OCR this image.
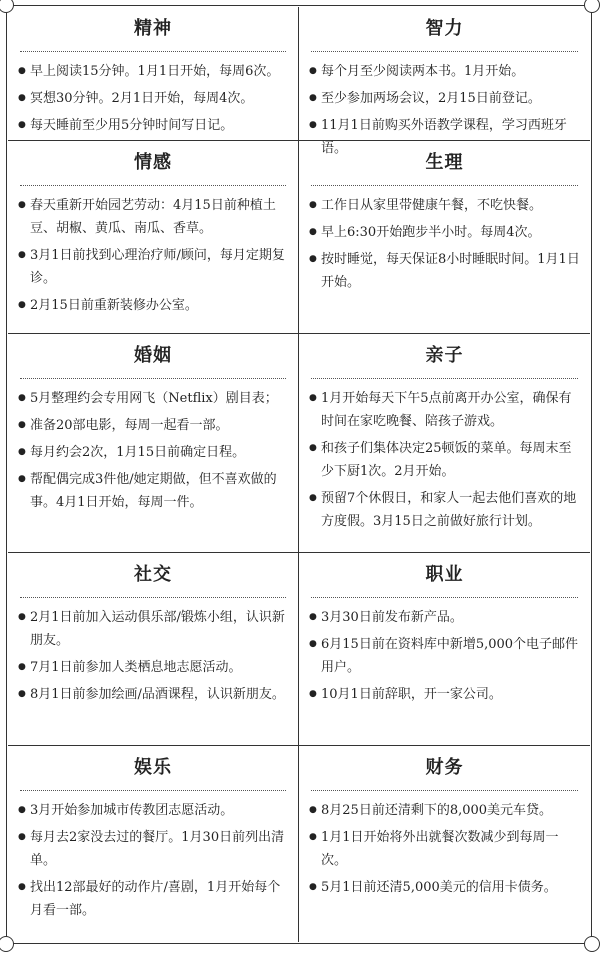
精神
● 早上阅读15分钟。1月1日开始，每周6次。
● 冥想30分钟。2月1日开始，每周4次。
● 每天睡前至少用5分钟时间写日记。
智力
● 每个月至少阅读两本书。1月开始。
● 至少参加两场会议，2月15日前登记。
● 11月1日前购买外语教学课程，学习西班牙语。
情感
● 春天重新开始园艺劳动：4月15日前种植土豆、胡椒、黄瓜、南瓜、香草。
● 3月1日前找到心理治疗师/顾问，每月定期复诊。
● 2月15日前重新装修办公室。
生理
● 工作日从家里带健康午餐，不吃快餐。
● 早上6:30开始跑步半小时。每周4次。
● 按时睡觉，每天保证8小时睡眠时间。1月1日开始。
婚姻
● 5月整理约会专用网飞（Netflix）剧目表；
● 准备20部电影，每周一起看一部。
● 每月约会2次，1月15日前确定日程。
● 帮配偶完成3件他/她定期做，但不喜欢做的事。4月1日开始，每周一件。
亲子
● 1月开始每天下午5点前离开办公室，确保有时间在家吃晚餐、陪孩子游戏。
● 和孩子们集体决定25顿饭的菜单。每周末至少下厨1次。2月开始。
● 预留7个休假日，和家人一起去他们喜欢的地方度假。3月15日之前做好旅行计划。
社交
● 2月1日前加入运动俱乐部/锻炼小组，认识新朋友。
● 7月1日前参加人类栖息地志愿活动。
● 8月1日前参加绘画/品酒课程，认识新朋友。
职业
● 3月30日前发布新产品。
● 6月15日前在资料库中新增5,000个电子邮件用户。
● 10月1日前辞职，开一家公司。
娱乐
● 3月开始参加城市传教团志愿活动。
● 每月去2家没去过的餐厅。1月30日前列出清单。
● 找出12部最好的动作片/喜剧，1月开始每个月看一部。
财务
● 8月25日前还清剩下的8,000美元车贷。
● 1月1日开始将外出就餐次数减少到每周一次。
● 5月1日前还清5,000美元的信用卡债务。
